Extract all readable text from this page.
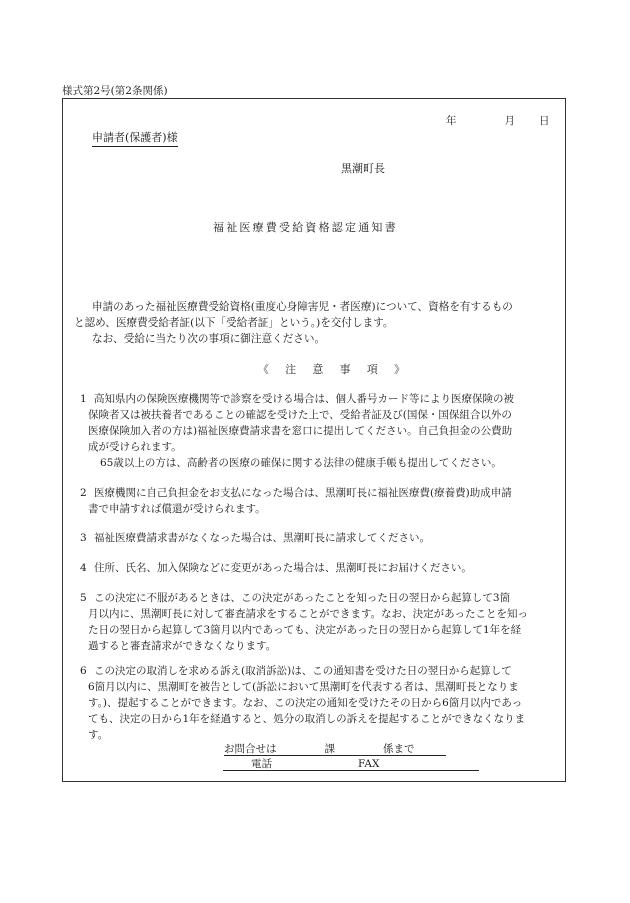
様式第2号(第2条関係)
年	月 日
申請者(保護者)様
黒潮町長
福祉医療費受給資格認定通知書

申請のあった福祉医療費受給資格(重度心身障害児・者医療)について、資格を有するもの

と認め、医療費受給者証(以下「受給者証」という。)を交付します。

なお、受給に当たり次の事項に御注意ください。

《 注 意 事 項 》
1 高知県内の保険医療機関等で診察を受ける場合は、個人番号カード等により医療保険の被

保険者又は被扶養者であることの確認を受けた上で、受給者証及び(国保・国保組合以外の

医療保険加入者の方は)福祉医療費請求書を窓口に提出してください。自己負担金の公費助

成が受けられます。

65歳以上の方は、高齢者の医療の確保に関する法律の健康手帳も提出してください。

2 医療機関に自己負担金をお支払になった場合は、黒潮町長に福祉医療費(療養費)助成申請

書で申請すれば償還が受けられます。

3 福祉医療費請求書がなくなった場合は、黒潮町長に請求してください。

4 住所、氏名、加入保険などに変更があった場合は、黒潮町長にお届けください。

5 この決定に不服があるときは、この決定があったことを知った日の翌日から起算して3箇

月以内に、黒潮町長に対して審査請求をすることができます。なお、決定があったことを知っ

た日の翌日から起算して3箇月以内であっても、決定があった日の翌日から起算して1年を経

過すると審査請求ができなくなります。

6 この決定の取消しを求める訴え(取消訴訟)は、この通知書を受けた日の翌日から起算して

6箇月以内に、黒潮町を被告として(訴訟において黒潮町を代表する者は、黒潮町長となりま

す。)、提起することができます。なお、この決定の通知を受けたその日から6箇月以内であっ

ても、決定の日から1年を経過すると、処分の取消しの訴えを提起することができなくなりま

す。

お問合せは	課	係まで
電話	FAX
